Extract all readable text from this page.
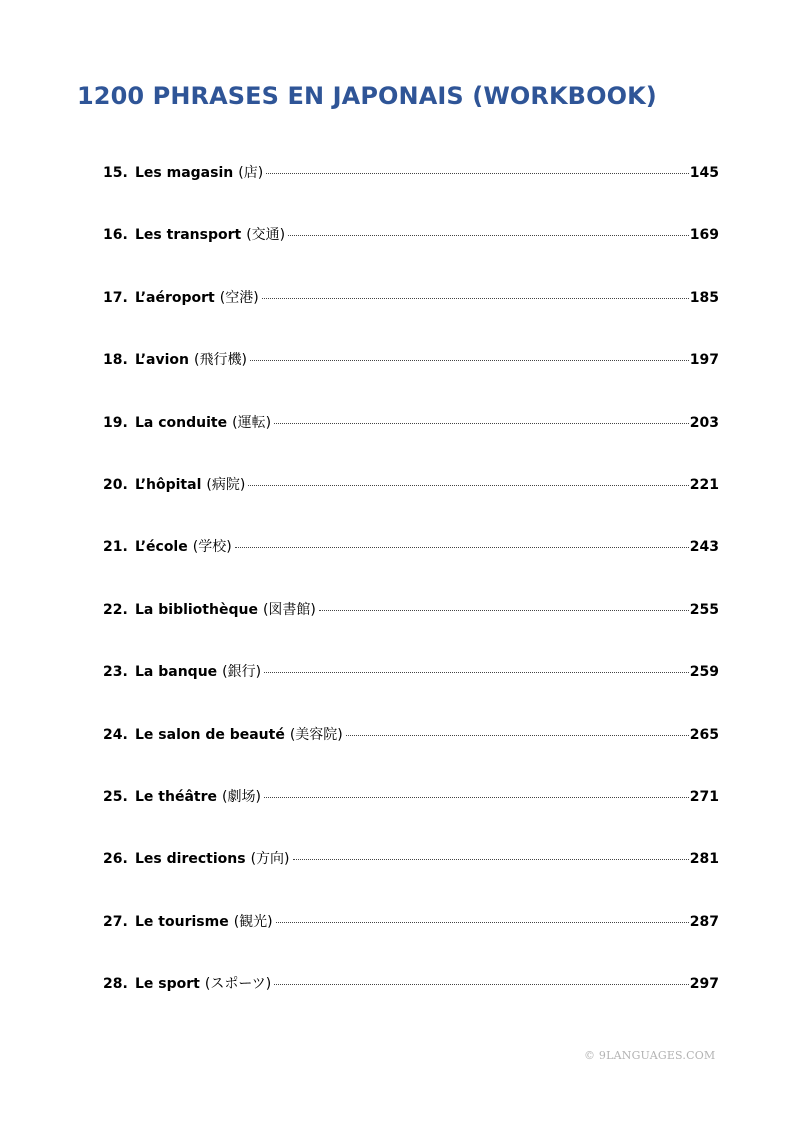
1200 PHRASES EN JAPONAIS (WORKBOOK)
15. Les magasin (店)	145
16. Les transport (交通)	169
17. L’aéroport (空港)	185
18. L’avion (飛行機)	197
19. La conduite (運転)	203
20. L’hôpital (病院)	221
21. L’école (学校)	243
22. La bibliothèque (図書館)	255
23. La banque (銀行)	259
24. Le salon de beauté (美容院)	265
25. Le théâtre (劇场)	271
26. Les directions (方向)	281
27. Le tourisme (観光)	287
28. Le sport (スポーツ)	297
© 9LANGUAGES.COM
